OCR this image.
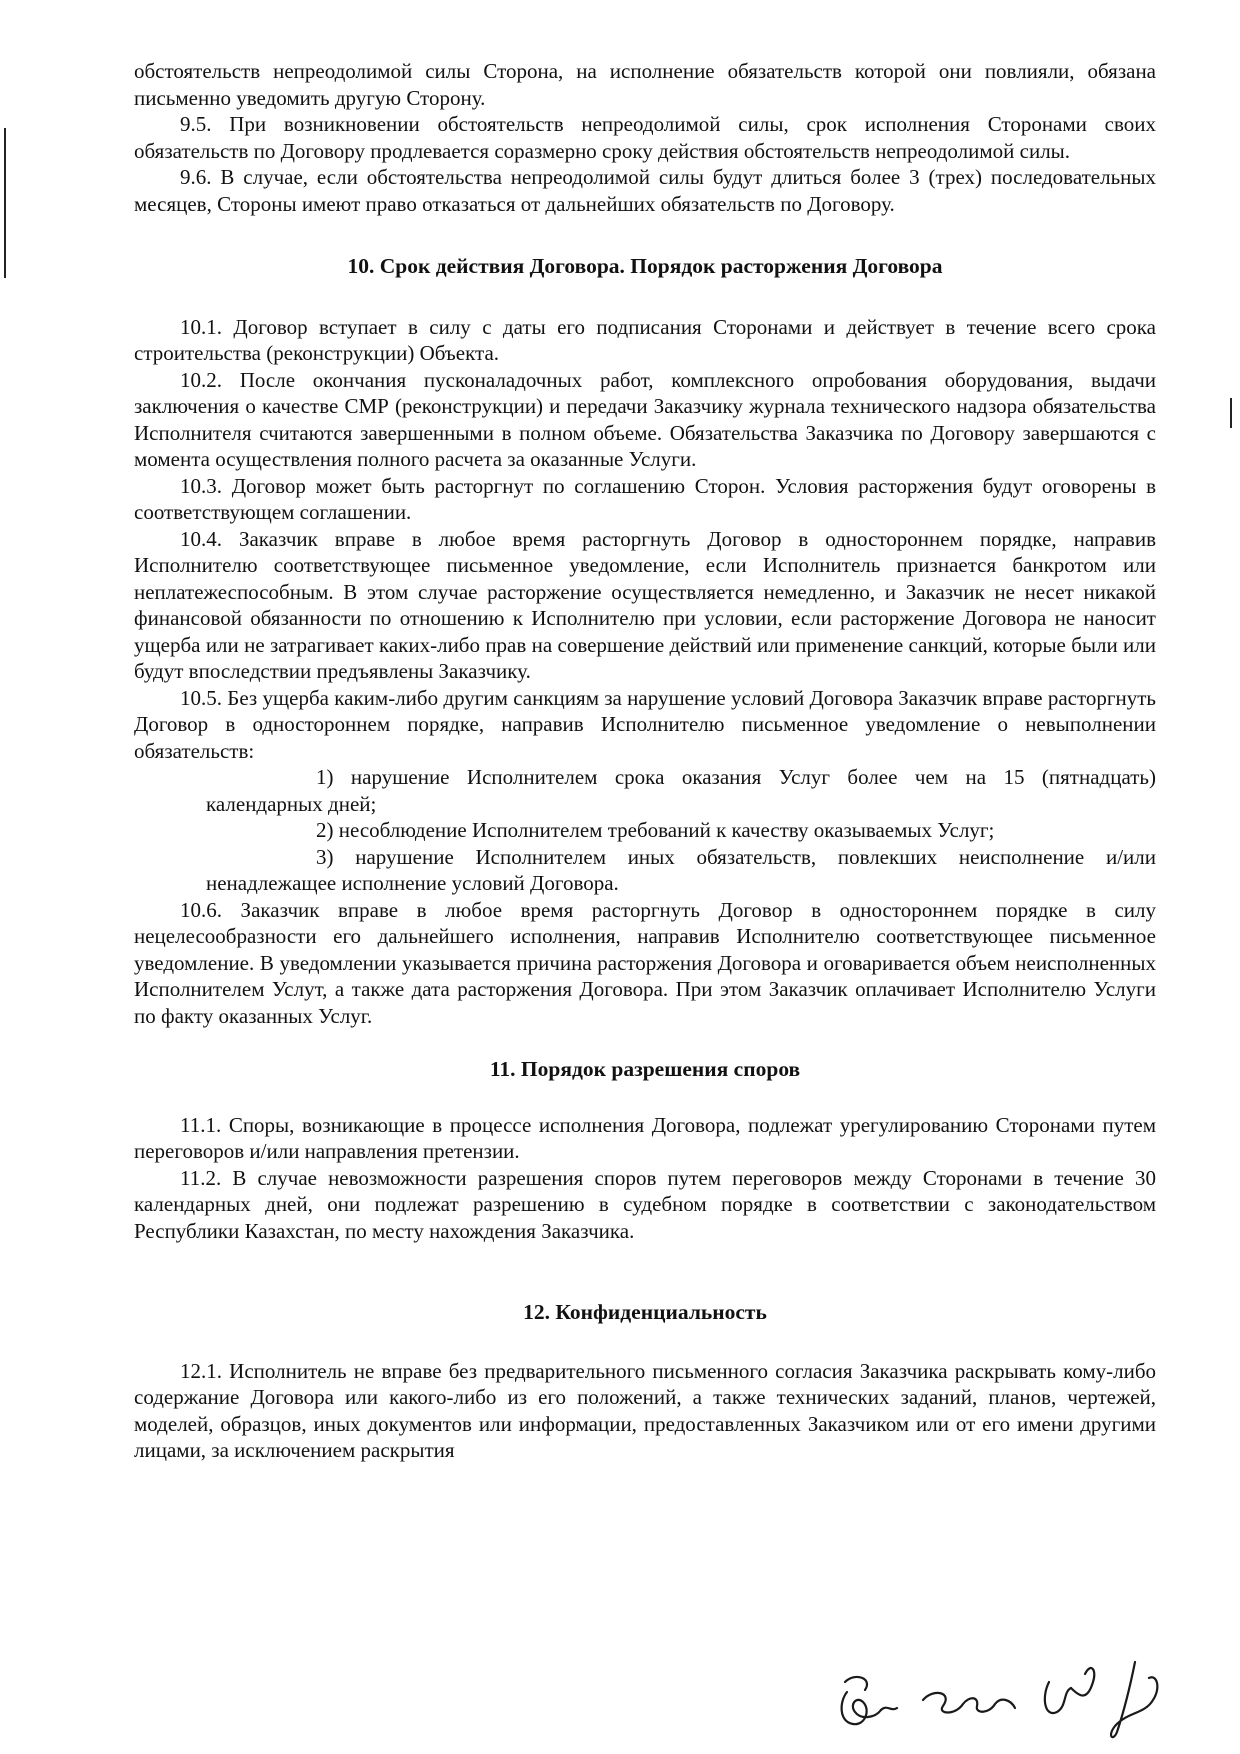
обстоятельств непреодолимой силы Сторона, на исполнение обязательств которой они повлияли, обязана письменно уведомить другую Сторону.

9.5. При возникновении обстоятельств непреодолимой силы, срок исполнения Сторонами своих обязательств по Договору продлевается соразмерно сроку действия обстоятельств непреодолимой силы.

9.6. В случае, если обстоятельства непреодолимой силы будут длиться более 3 (трех) последовательных месяцев, Стороны имеют право отказаться от дальнейших обязательств по Договору.

10. Срок действия Договора. Порядок расторжения Договора

10.1. Договор вступает в силу с даты его подписания Сторонами и действует в течение всего срока строительства (реконструкции) Объекта.

10.2. После окончания пусконаладочных работ, комплексного опробования оборудования, выдачи заключения о качестве СМР (реконструкции) и передачи Заказчику журнала технического надзора обязательства Исполнителя считаются завершенными в полном объеме. Обязательства Заказчика по Договору завершаются с момента осуществления полного расчета за оказанные Услуги.

10.3. Договор может быть расторгнут по соглашению Сторон. Условия расторжения будут оговорены в соответствующем соглашении.

10.4. Заказчик вправе в любое время расторгнуть Договор в одностороннем порядке, направив Исполнителю соответствующее письменное уведомление, если Исполнитель признается банкротом или неплатежеспособным. В этом случае расторжение осуществляется немедленно, и Заказчик не несет никакой финансовой обязанности по отношению к Исполнителю при условии, если расторжение Договора не наносит ущерба или не затрагивает каких-либо прав на совершение действий или применение санкций, которые были или будут впоследствии предъявлены Заказчику.

10.5. Без ущерба каким-либо другим санкциям за нарушение условий Договора Заказчик вправе расторгнуть Договор в одностороннем порядке, направив Исполнителю письменное уведомление о невыполнении обязательств:

1) нарушение Исполнителем срока оказания Услуг более чем на 15 (пятнадцать) календарных дней;

2) несоблюдение Исполнителем требований к качеству оказываемых Услуг;

3) нарушение Исполнителем иных обязательств, повлекших неисполнение и/или ненадлежащее исполнение условий Договора.

10.6. Заказчик вправе в любое время расторгнуть Договор в одностороннем порядке в силу нецелесообразности его дальнейшего исполнения, направив Исполнителю соответствующее письменное уведомление. В уведомлении указывается причина расторжения Договора и оговаривается объем неисполненных Исполнителем Услут, а также дата расторжения Договора. При этом Заказчик оплачивает Исполнителю Услуги по факту оказанных Услуг.

11. Порядок разрешения споров

11.1. Споры, возникающие в процессе исполнения Договора, подлежат урегулированию Сторонами путем переговоров и/или направления претензии.

11.2. В случае невозможности разрешения споров путем переговоров между Сторонами в течение 30 календарных дней, они подлежат разрешению в судебном порядке в соответствии с законодательством Республики Казахстан, по месту нахождения Заказчика.

12. Конфиденциальность

12.1. Исполнитель не вправе без предварительного письменного согласия Заказчика раскрывать кому-либо содержание Договора или какого-либо из его положений, а также технических заданий, планов, чертежей, моделей, образцов, иных документов или информации, предоставленных Заказчиком или от его имени другими лицами, за исключением раскрытия
